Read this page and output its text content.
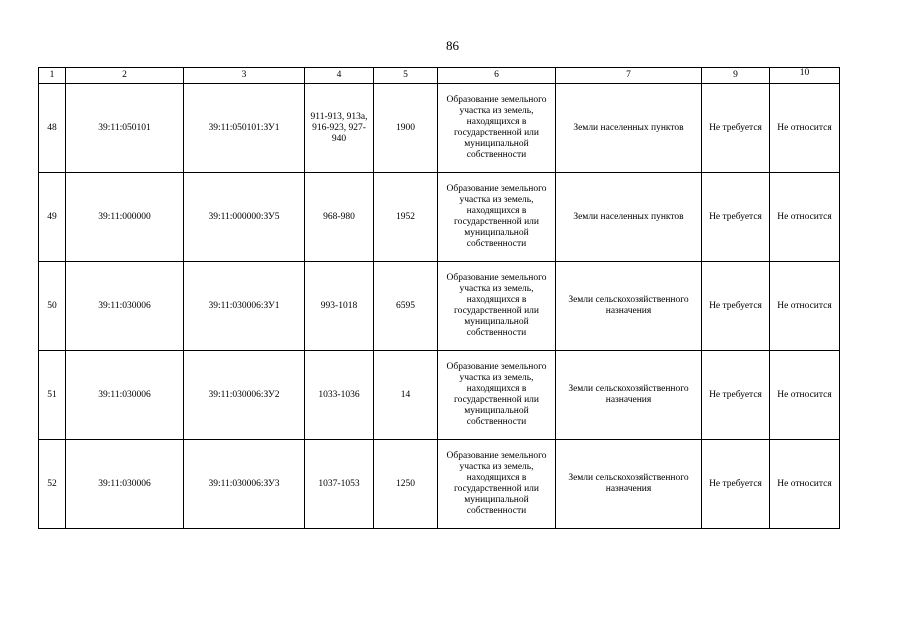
86
1	2	3	4	5	6	7	9	10
48	39:11:050101	39:11:050101:ЗУ1	911-913, 913а, 916-923, 927-940	1900	Образование земельного участка из земель, находящихся в государственной или муниципальной собственности	Земли населенных пунктов	Не требуется	Не относится
49	39:11:000000	39:11:000000:ЗУ5	968-980	1952	Образование земельного участка из земель, находящихся в государственной или муниципальной собственности	Земли населенных пунктов	Не требуется	Не относится
50	39:11:030006	39:11:030006:ЗУ1	993-1018	6595	Образование земельного участка из земель, находящихся в государственной или муниципальной собственности	Земли сельскохозяйственного назначения	Не требуется	Не относится
51	39:11:030006	39:11:030006:ЗУ2	1033-1036	14	Образование земельного участка из земель, находящихся в государственной или муниципальной собственности	Земли сельскохозяйственного назначения	Не требуется	Не относится
52	39:11:030006	39:11:030006:ЗУ3	1037-1053	1250	Образование земельного участка из земель, находящихся в государственной или муниципальной собственности	Земли сельскохозяйственного назначения	Не требуется	Не относится
